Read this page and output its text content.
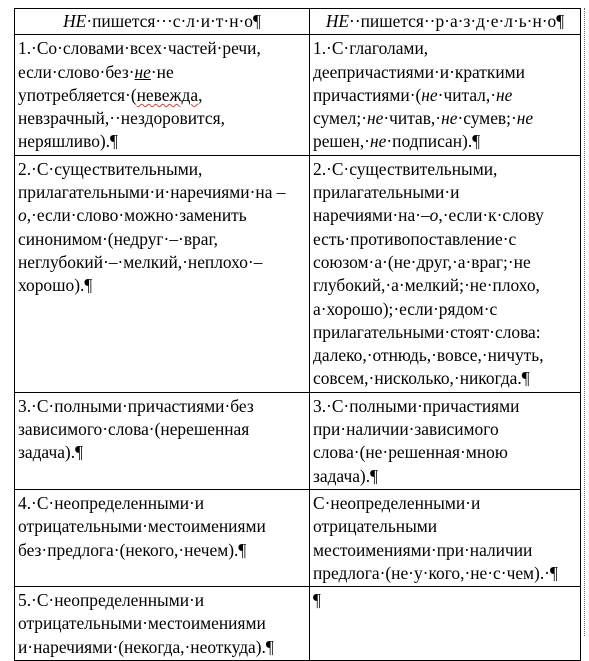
НЕ·пишется···с·л·и·т·н·о¶	НЕ··пишется··р·а·з·д·е·л·ь·н·о¶
1.·Со·словами·всех·частей·речи, если·слово·без·не·не употребляется·(невежда, невзрачный,··нездоровится, неряшливо).¶	1.·С·глаголами, деепричастиями·и·краткими причастиями·(не·читал,·не сумел;·не·читав,·не·сумев;·не решен,·не·подписан).¶
2.·С·существительными, прилагательными·и·наречиями·на –о,·если·слово·можно·заменить синонимом·(недруг·–·враг, неглубокий·–·мелкий,·неплохо·– хорошо).¶	2.·С·существительными, прилагательными·и наречиями·на·–о,·если·к·слову есть·противопоставление·с союзом·а·(не·друг,·а·враг;·не глубокий,·а·мелкий;·не·плохо, а·хорошо);·если·рядом·с прилагательными·стоят·слова: далеко,·отнюдь,·вовсе,·ничуть, совсем,·нисколько,·никогда.¶
3.·С·полными·причастиями·без зависимого·слова·(нерешенная задача).¶	3.·С·полными·причастиями при·наличии·зависимого слова·(не·решенная·мною задача).¶
4.·С·неопределенными·и отрицательными·местоимениями без·предлога·(некого,·нечем).¶	С·неопределенными·и отрицательными местоимениями·при·наличии предлога·(не·у·кого,·не·с·чем).·¶
5.·С·неопределенными·и отрицательными·местоимениями и·наречиями·(некогда,·неоткуда).¶	¶
